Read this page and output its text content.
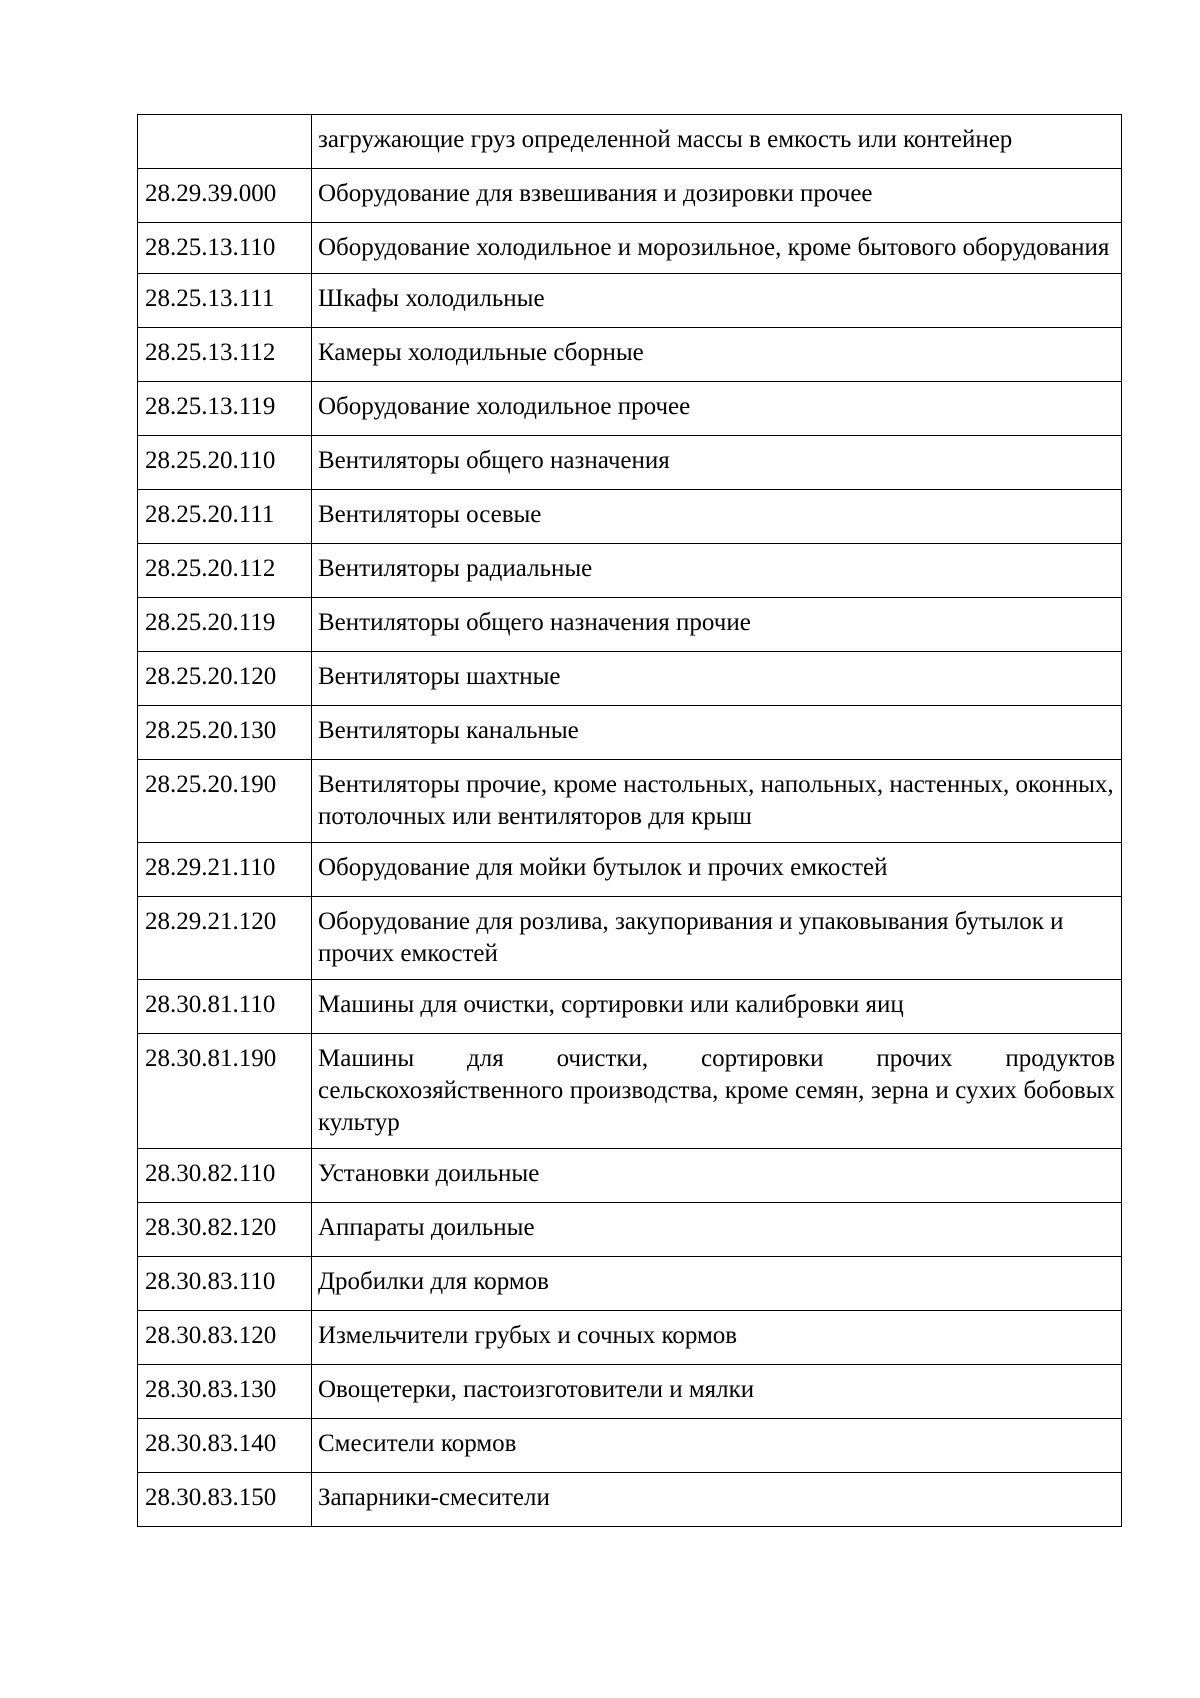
	загружающие груз определенной массы в емкость или контейнер
28.29.39.000	Оборудование для взвешивания и дозировки прочее
28.25.13.110	Оборудование холодильное и морозильное, кроме бытового оборудования
28.25.13.111	Шкафы холодильные
28.25.13.112	Камеры холодильные сборные
28.25.13.119	Оборудование холодильное прочее
28.25.20.110	Вентиляторы общего назначения
28.25.20.111	Вентиляторы осевые
28.25.20.112	Вентиляторы радиальные
28.25.20.119	Вентиляторы общего назначения прочие
28.25.20.120	Вентиляторы шахтные
28.25.20.130	Вентиляторы канальные
28.25.20.190	Вентиляторы прочие, кроме настольных, напольных, настенных, оконных, потолочных или вентиляторов для крыш
28.29.21.110	Оборудование для мойки бутылок и прочих емкостей
28.29.21.120	Оборудование для розлива, закупоривания и упаковывания бутылок и прочих емкостей
28.30.81.110	Машины для очистки, сортировки или калибровки яиц
28.30.81.190	Машины для очистки, сортировки прочих продуктов сельскохозяйственного производства, кроме семян, зерна и сухих бобовых культур
28.30.82.110	Установки доильные
28.30.82.120	Аппараты доильные
28.30.83.110	Дробилки для кормов
28.30.83.120	Измельчители грубых и сочных кормов
28.30.83.130	Овощетерки, пастоизготовители и мялки
28.30.83.140	Смесители кормов
28.30.83.150	Запарники-смесители
